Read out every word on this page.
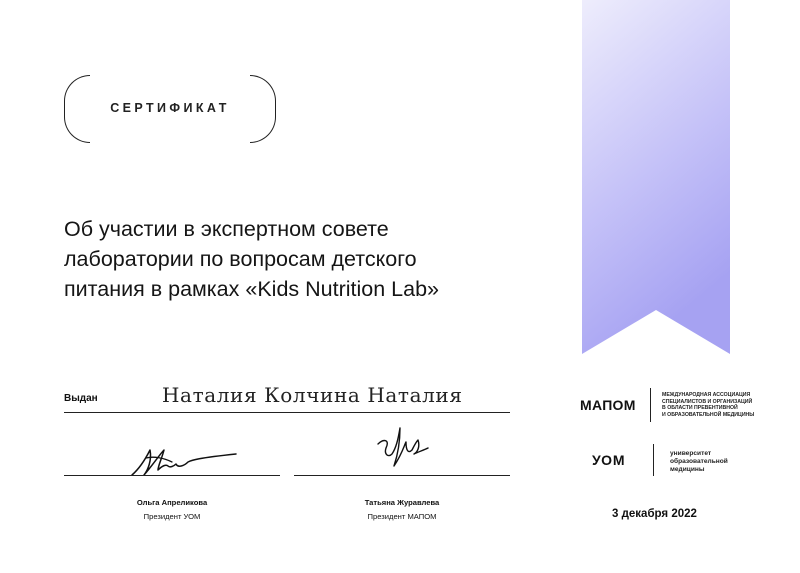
СЕРТИФИКАТ
Об участии в экспертном совете
лаборатории по вопросам детского
питания в рамках «Kids Nutrition Lab»
Выдан	Наталия Колчина Наталия
Ольга Апреликова
Президент УОМ
Татьяна Журавлева
Президент МАПОМ
МАПОМ
МЕЖДУНАРОДНАЯ АССОЦИАЦИЯ
СПЕЦИАЛИСТОВ И ОРГАНИЗАЦИЙ
В ОБЛАСТИ ПРЕВЕНТИВНОЙ
И ОБРАЗОВАТЕЛЬНОЙ МЕДИЦИНЫ
УОМ	университет
образовательной
медицины
3 декабря 2022
